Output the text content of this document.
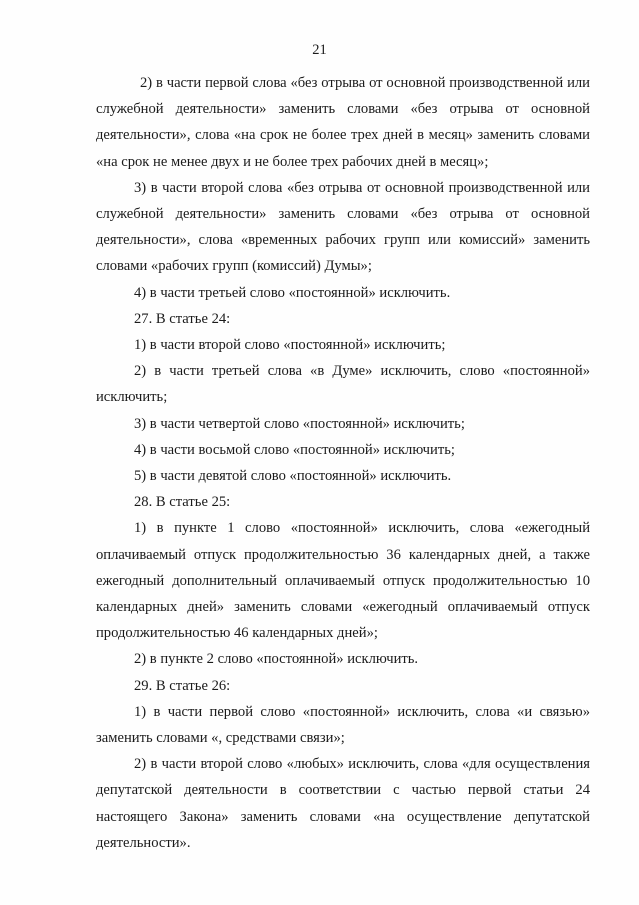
21

2) в части первой слова «без отрыва от основной производственной или служебной деятельности» заменить словами «без отрыва от основной деятельности», слова «на срок не более трех дней в месяц» заменить словами «на срок не менее двух и не более трех рабочих дней в месяц»;

3) в части второй слова «без отрыва от основной производственной или служебной деятельности» заменить словами «без отрыва от основной деятельности», слова «временных рабочих групп или комиссий» заменить словами «рабочих групп (комиссий) Думы»;

4) в части третьей слово «постоянной» исключить.

27. В статье 24:

1) в части второй слово «постоянной» исключить;

2) в части третьей слова «в Думе» исключить, слово «постоянной» исключить;

3) в части четвертой слово «постоянной» исключить;

4) в части восьмой слово «постоянной» исключить;

5) в части девятой слово «постоянной» исключить.

28. В статье 25:

1) в пункте 1 слово «постоянной» исключить, слова «ежегодный оплачиваемый отпуск продолжительностью 36 календарных дней, а также ежегодный дополнительный оплачиваемый отпуск продолжительностью 10 календарных дней» заменить словами «ежегодный оплачиваемый отпуск продолжительностью 46 календарных дней»;

2) в пункте 2 слово «постоянной» исключить.

29. В статье 26:

1) в части первой слово «постоянной» исключить, слова «и связью» заменить словами «, средствами связи»;

2) в части второй слово «любых» исключить, слова «для осуществления депутатской деятельности в соответствии с частью первой статьи 24 настоящего Закона» заменить словами «на осуществление депутатской деятельности».
